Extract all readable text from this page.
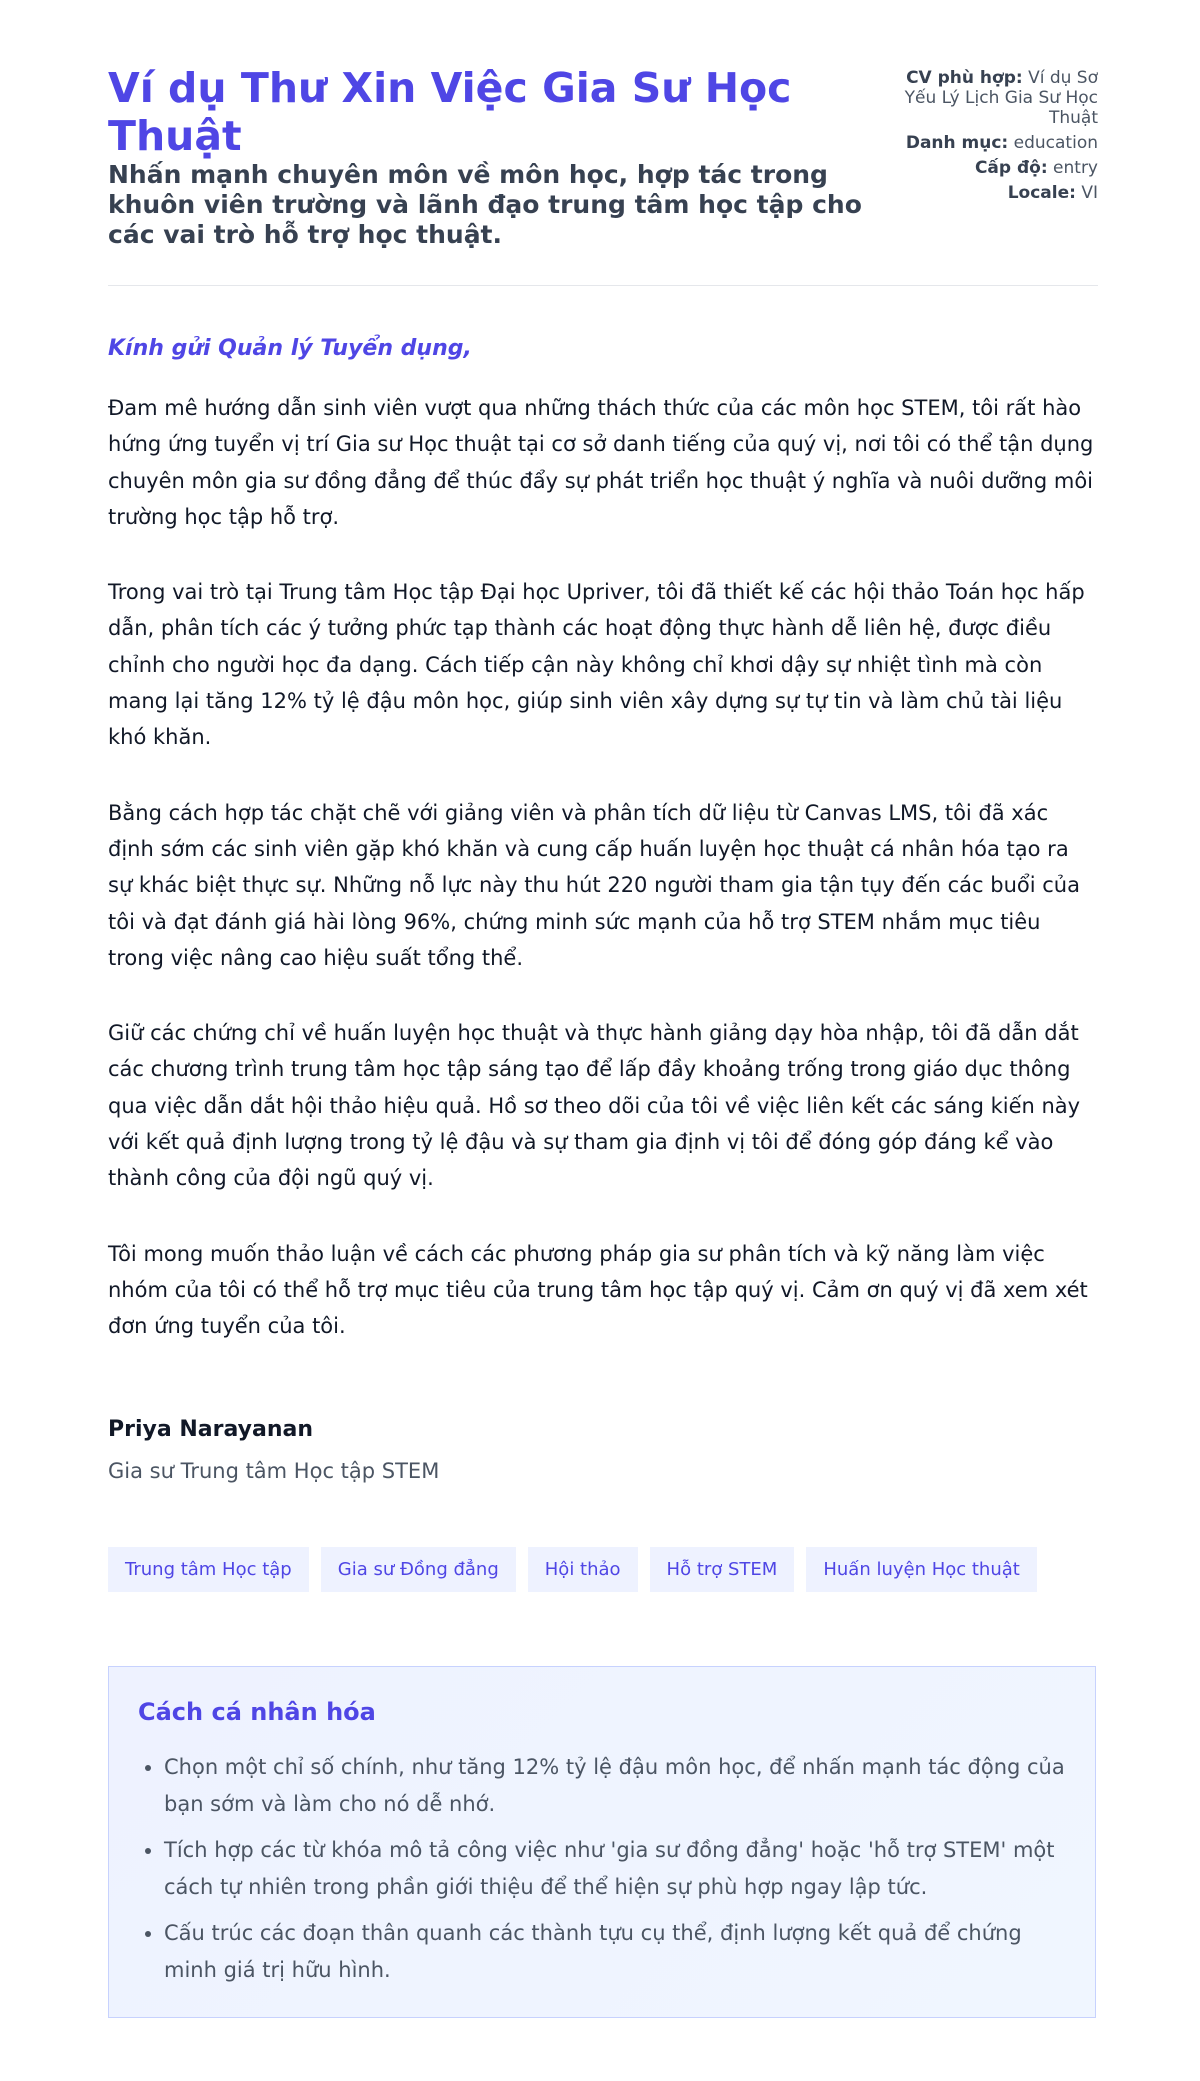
Ví dụ Thư Xin Việc Gia Sư Học Thuật
Nhấn mạnh chuyên môn về môn học, hợp tác trong khuôn viên trường và lãnh đạo trung tâm học tập cho các vai trò hỗ trợ học thuật.
CV phù hợp: Ví dụ Sơ Yếu Lý Lịch Gia Sư Học Thuật
Danh mục: education
Cấp độ: entry
Locale: VI

Kính gửi Quản lý Tuyển dụng,

Đam mê hướng dẫn sinh viên vượt qua những thách thức của các môn học STEM, tôi rất hào hứng ứng tuyển vị trí Gia sư Học thuật tại cơ sở danh tiếng của quý vị, nơi tôi có thể tận dụng chuyên môn gia sư đồng đẳng để thúc đẩy sự phát triển học thuật ý nghĩa và nuôi dưỡng môi trường học tập hỗ trợ.

Trong vai trò tại Trung tâm Học tập Đại học Upriver, tôi đã thiết kế các hội thảo Toán học hấp dẫn, phân tích các ý tưởng phức tạp thành các hoạt động thực hành dễ liên hệ, được điều chỉnh cho người học đa dạng. Cách tiếp cận này không chỉ khơi dậy sự nhiệt tình mà còn mang lại tăng 12% tỷ lệ đậu môn học, giúp sinh viên xây dựng sự tự tin và làm chủ tài liệu khó khăn.

Bằng cách hợp tác chặt chẽ với giảng viên và phân tích dữ liệu từ Canvas LMS, tôi đã xác định sớm các sinh viên gặp khó khăn và cung cấp huấn luyện học thuật cá nhân hóa tạo ra sự khác biệt thực sự. Những nỗ lực này thu hút 220 người tham gia tận tụy đến các buổi của tôi và đạt đánh giá hài lòng 96%, chứng minh sức mạnh của hỗ trợ STEM nhắm mục tiêu trong việc nâng cao hiệu suất tổng thể.

Giữ các chứng chỉ về huấn luyện học thuật và thực hành giảng dạy hòa nhập, tôi đã dẫn dắt các chương trình trung tâm học tập sáng tạo để lấp đầy khoảng trống trong giáo dục thông qua việc dẫn dắt hội thảo hiệu quả. Hồ sơ theo dõi của tôi về việc liên kết các sáng kiến này với kết quả định lượng trong tỷ lệ đậu và sự tham gia định vị tôi để đóng góp đáng kể vào thành công của đội ngũ quý vị.

Tôi mong muốn thảo luận về cách các phương pháp gia sư phân tích và kỹ năng làm việc nhóm của tôi có thể hỗ trợ mục tiêu của trung tâm học tập quý vị. Cảm ơn quý vị đã xem xét đơn ứng tuyển của tôi.

Priya Narayanan

Gia sư Trung tâm Học tập STEM

Trung tâm Học tập	Gia sư Đồng đẳng	Hội thảo	Hỗ trợ STEM	Huấn luyện Học thuật
Cách cá nhân hóa
• Chọn một chỉ số chính, như tăng 12% tỷ lệ đậu môn học, để nhấn mạnh tác động của bạn sớm và làm cho nó dễ nhớ.
• Tích hợp các từ khóa mô tả công việc như 'gia sư đồng đẳng' hoặc 'hỗ trợ STEM' một cách tự nhiên trong phần giới thiệu để thể hiện sự phù hợp ngay lập tức.
• Cấu trúc các đoạn thân quanh các thành tựu cụ thể, định lượng kết quả để chứng minh giá trị hữu hình.
